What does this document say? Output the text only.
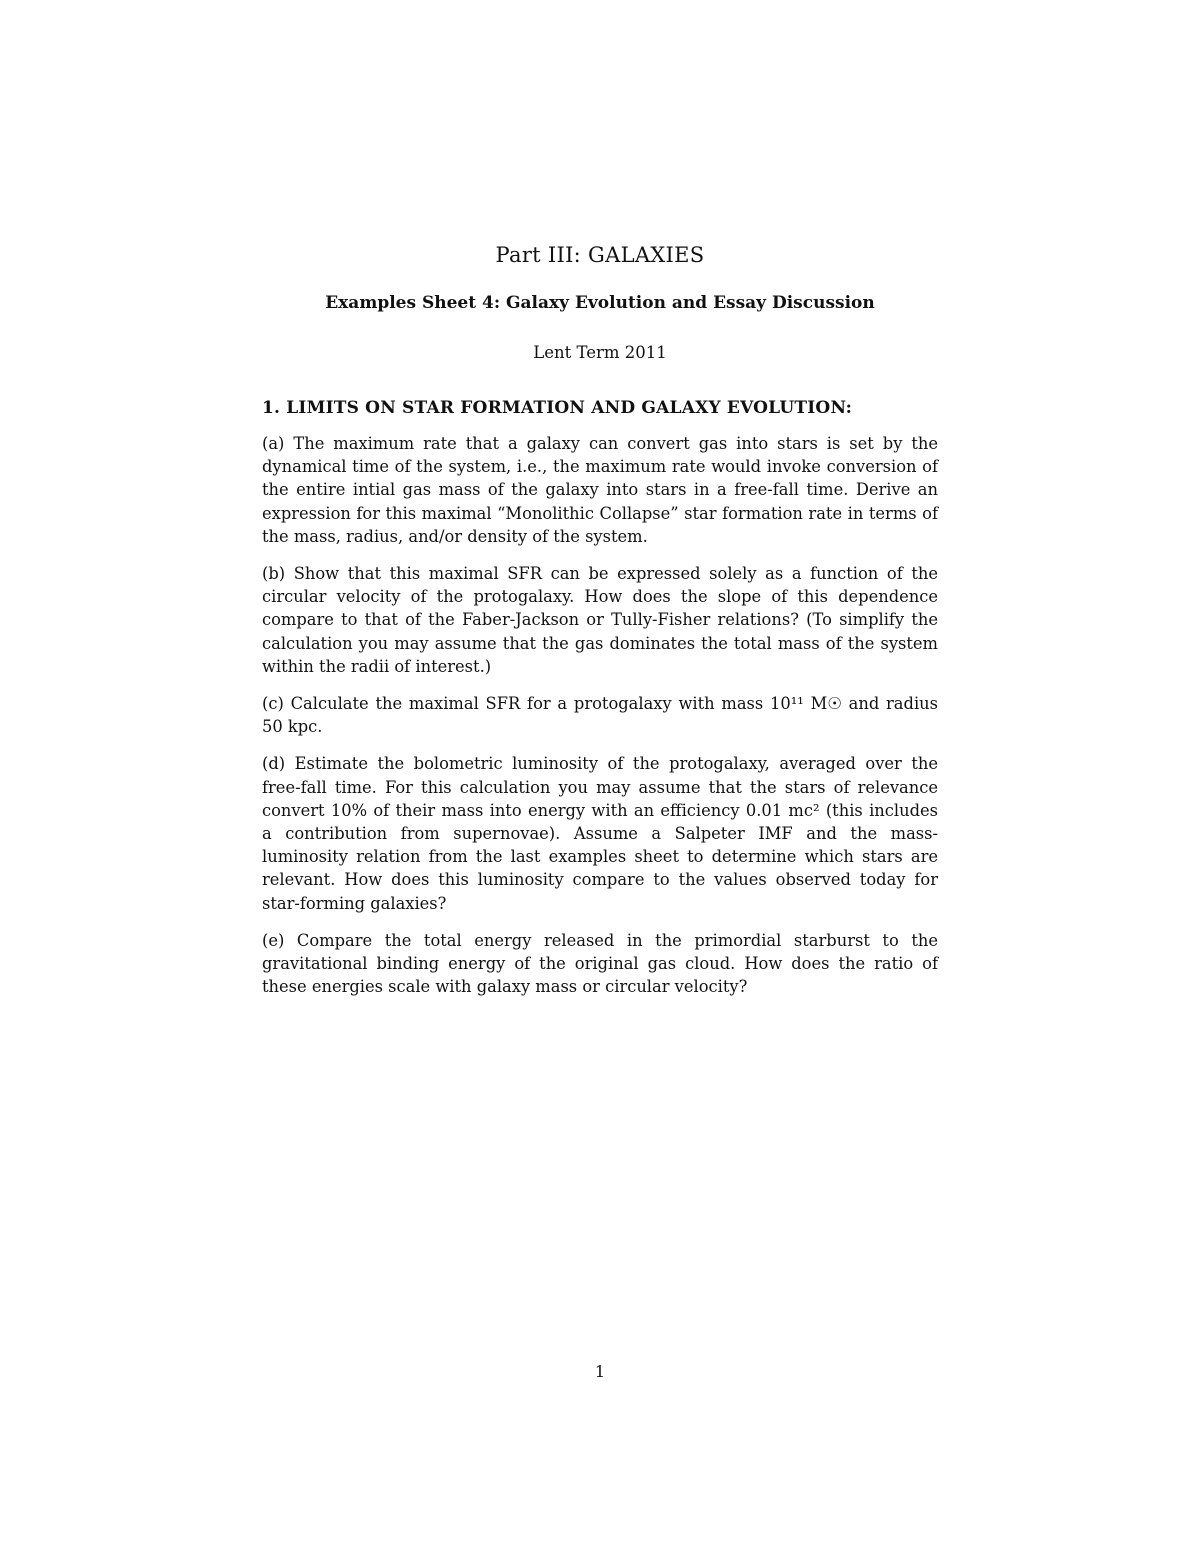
Part III: GALAXIES
Examples Sheet 4: Galaxy Evolution and Essay Discussion
Lent Term 2011
1. LIMITS ON STAR FORMATION AND GALAXY EVOLUTION:

(a) The maximum rate that a galaxy can convert gas into stars is set by the dynamical time of the system, i.e., the maximum rate would invoke conversion of the entire intial gas mass of the galaxy into stars in a free-fall time. Derive an expression for this maximal “Monolithic Collapse” star formation rate in terms of the mass, radius, and/or density of the system.

(b) Show that this maximal SFR can be expressed solely as a function of the circular velocity of the protogalaxy. How does the slope of this dependence compare to that of the Faber-Jackson or Tully-Fisher relations? (To simplify the calculation you may assume that the gas dominates the total mass of the system within the radii of interest.)

(c) Calculate the maximal SFR for a protogalaxy with mass 10¹¹ M☉ and radius 50 kpc.

(d) Estimate the bolometric luminosity of the protogalaxy, averaged over the free-fall time. For this calculation you may assume that the stars of relevance convert 10% of their mass into energy with an efficiency 0.01 mc² (this includes a contribution from supernovae). Assume a Salpeter IMF and the mass-luminosity relation from the last examples sheet to determine which stars are relevant. How does this luminosity compare to the values observed today for star-forming galaxies?

(e) Compare the total energy released in the primordial starburst to the gravitational binding energy of the original gas cloud. How does the ratio of these energies scale with galaxy mass or circular velocity?

1
